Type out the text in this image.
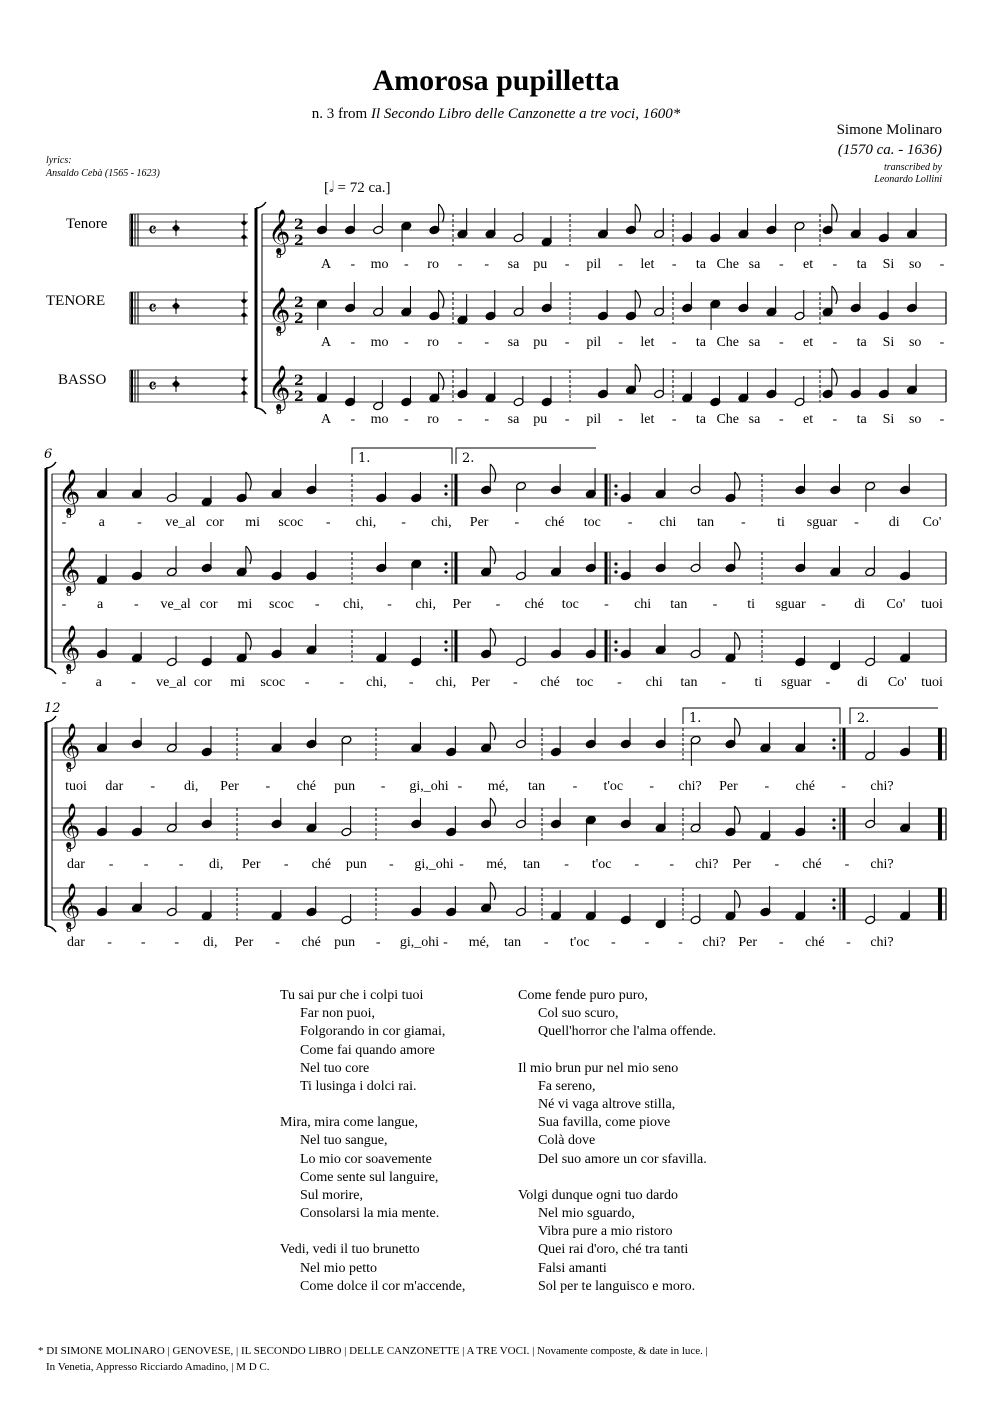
Amorosa pupilletta
n. 3 from Il Secondo Libro delle Canzonette a tre voci, 1600*
Simone Molinaro
(1570 ca. - 1636)
transcribed by
Leonardo Lollini
lyrics:
Ansaldo Cebà (1565 - 1623)
[𝅗𝅥 = 72 ca.]
Tenore
TENORE
BASSO
𝄴
𝄴
𝄴
𝄞
8
2
2
𝄞
8
2
2
𝄞
8
2
2
𝄞
8
𝄞
8
𝄞
8
𝄞
8
𝄞
8
𝄞
8
1.	2.
1.	2.
6
12
A	-	mo	-	ro	-	-	sa pu	-	pil	-	let	-	ta Che sa	-	et	-	ta	Si	so	-
A	-	mo	-	ro	-	-	sa pu	-	pil	-	let	-	ta Che sa	-	et	-	ta	Si	so	-
A	-	mo	-	ro	-	-	sa pu	-	pil	-	let	-	ta Che sa	-	et	-	ta	Si	so	-
-	a	-	ve_al cor	mi	scoc	-	chi,	-	chi, Per	-	ché toc	-	chi tan	-	ti	sguar	-	di	Co'
-	a	-	ve_al cor	mi	scoc	-	chi,	-	chi, Per	-	ché toc	-	chi tan	-	ti	sguar	-	di	Co' tuoi
-	a	-	ve_al cor	mi	scoc	-	-	chi,	-	chi, Per	-	ché toc	-	chi tan	-	ti	sguar	-	di	Co' tuoi
tuoi dar	-	di,	Per	-	ché pun	-	gi,_ohi -	mé, tan	-	t'oc	-	chi? Per	-	ché	-	chi?
dar	-	-	-	di,	Per	-	ché pun	-	gi,_ohi -	mé, tan	-	t'oc	-	-	chi? Per	-	ché	-	chi?
dar	-	-	-	di,	Per	-	ché pun	-	gi,_ohi -	mé, tan	-	t'oc	-	-	-	chi? Per	-	ché	-	chi?
Tu sai pur che i colpi tuoi
Far non puoi,
Folgorando in cor giamai,
Come fai quando amore
Nel tuo core
Ti lusinga i dolci rai.
Mira, mira come langue,
Nel tuo sangue,
Lo mio cor soavemente
Come sente sul languire,
Sul morire,
Consolarsi la mia mente.
Vedi, vedi il tuo brunetto
Nel mio petto
Come dolce il cor m'accende,
Come fende puro puro,
Col suo scuro,
Quell'horror che l'alma offende.
Il mio brun pur nel mio seno
Fa sereno,
Né vi vaga altrove stilla,
Sua favilla, come piove
Colà dove
Del suo amore un cor sfavilla.
Volgi dunque ogni tuo dardo
Nel mio sguardo,
Vibra pure a mio ristoro
Quei rai d'oro, ché tra tanti
Falsi amanti
Sol per te languisco e moro.
* DI SIMONE MOLINARO | GENOVESE, | IL SECONDO LIBRO | DELLE CANZONETTE | A TRE VOCI. | Novamente composte, & date in luce. |
In Venetia, Appresso Ricciardo Amadino, | M D C.
